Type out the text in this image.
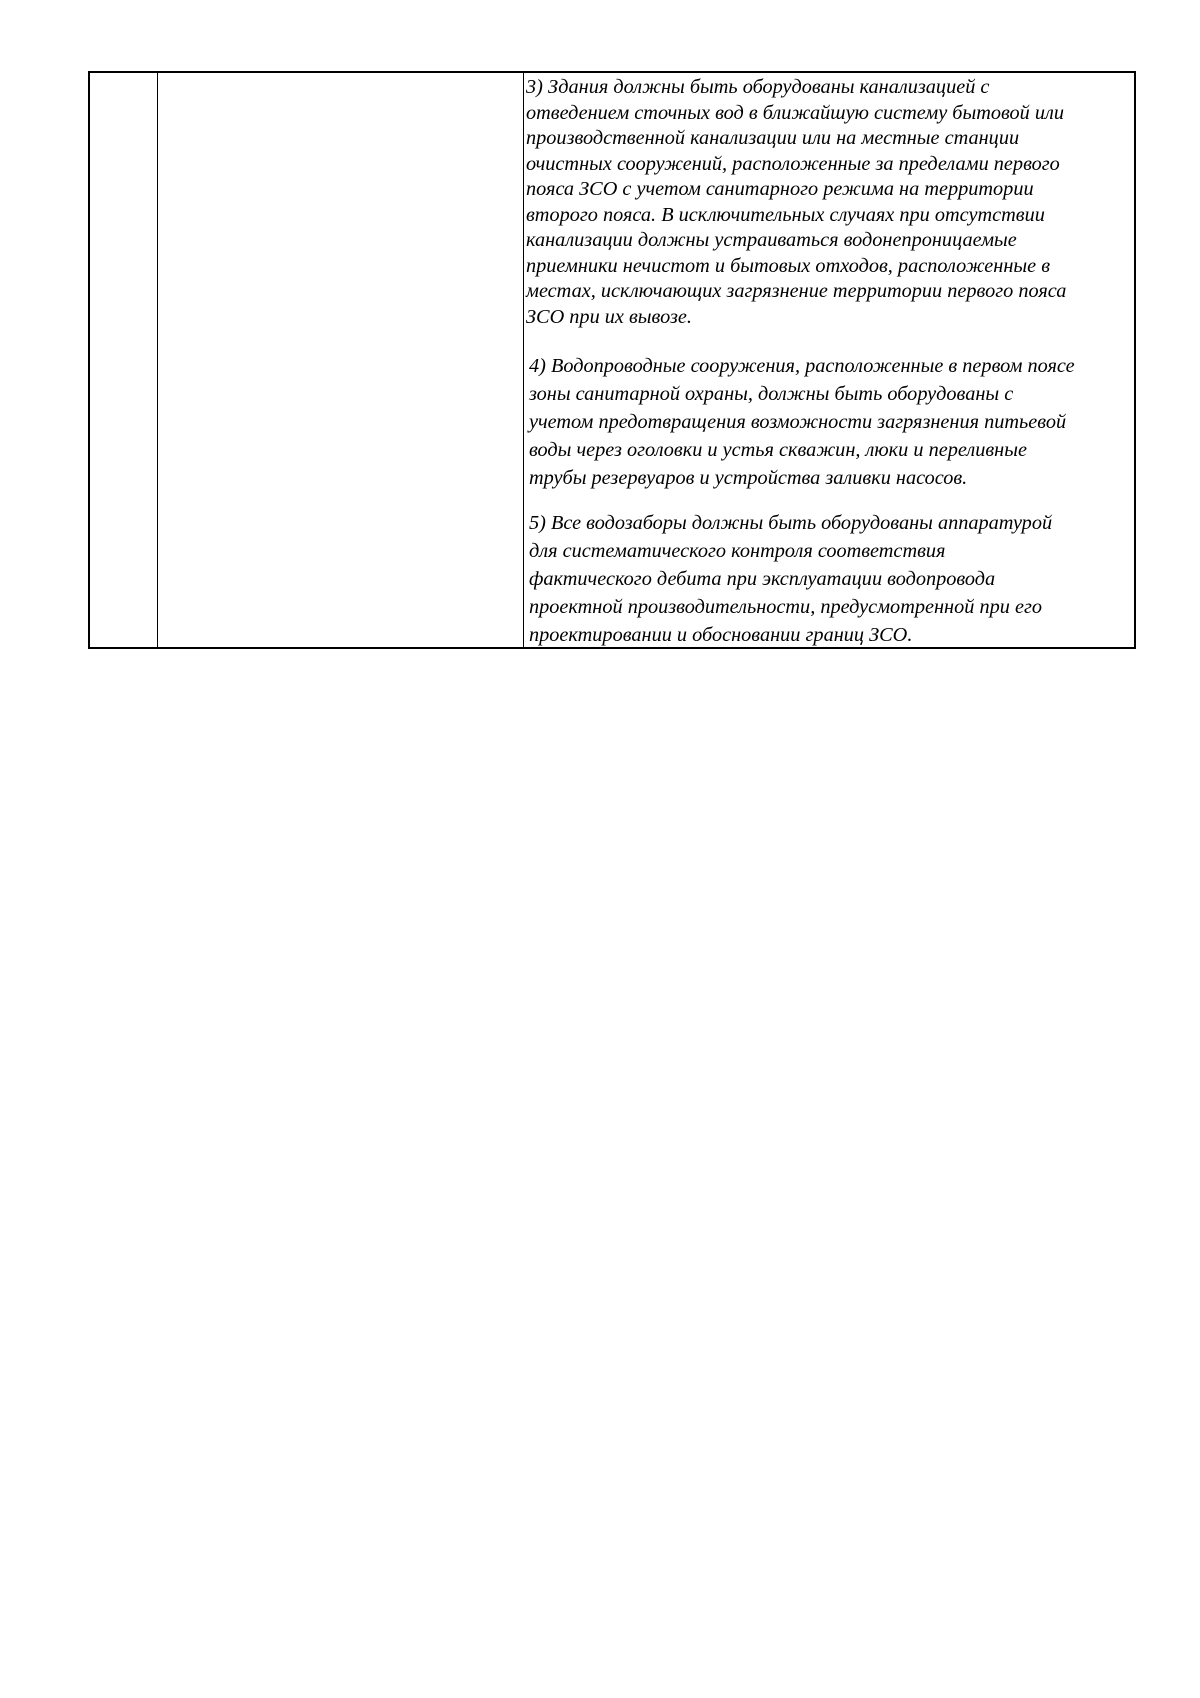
3) Здания должны быть оборудованы канализацией с
отведением сточных вод в ближайшую систему бытовой или
производственной канализации или на местные станции
очистных сооружений, расположенные за пределами первого
пояса ЗСО с учетом санитарного режима на территории
второго пояса. В исключительных случаях при отсутствии
канализации должны устраиваться водонепроницаемые
приемники нечистот и бытовых отходов, расположенные в
местах, исключающих загрязнение территории первого пояса
ЗСО при их вывозе.

4) Водопроводные сооружения, расположенные в первом поясе
зоны санитарной охраны, должны быть оборудованы с
учетом предотвращения возможности загрязнения питьевой
воды через оголовки и устья скважин, люки и переливные
трубы резервуаров и устройства заливки насосов.

5) Все водозаборы должны быть оборудованы аппаратурой
для систематического контроля соответствия
фактического дебита при эксплуатации водопровода
проектной производительности, предусмотренной при его
проектировании и обосновании границ ЗСО.
